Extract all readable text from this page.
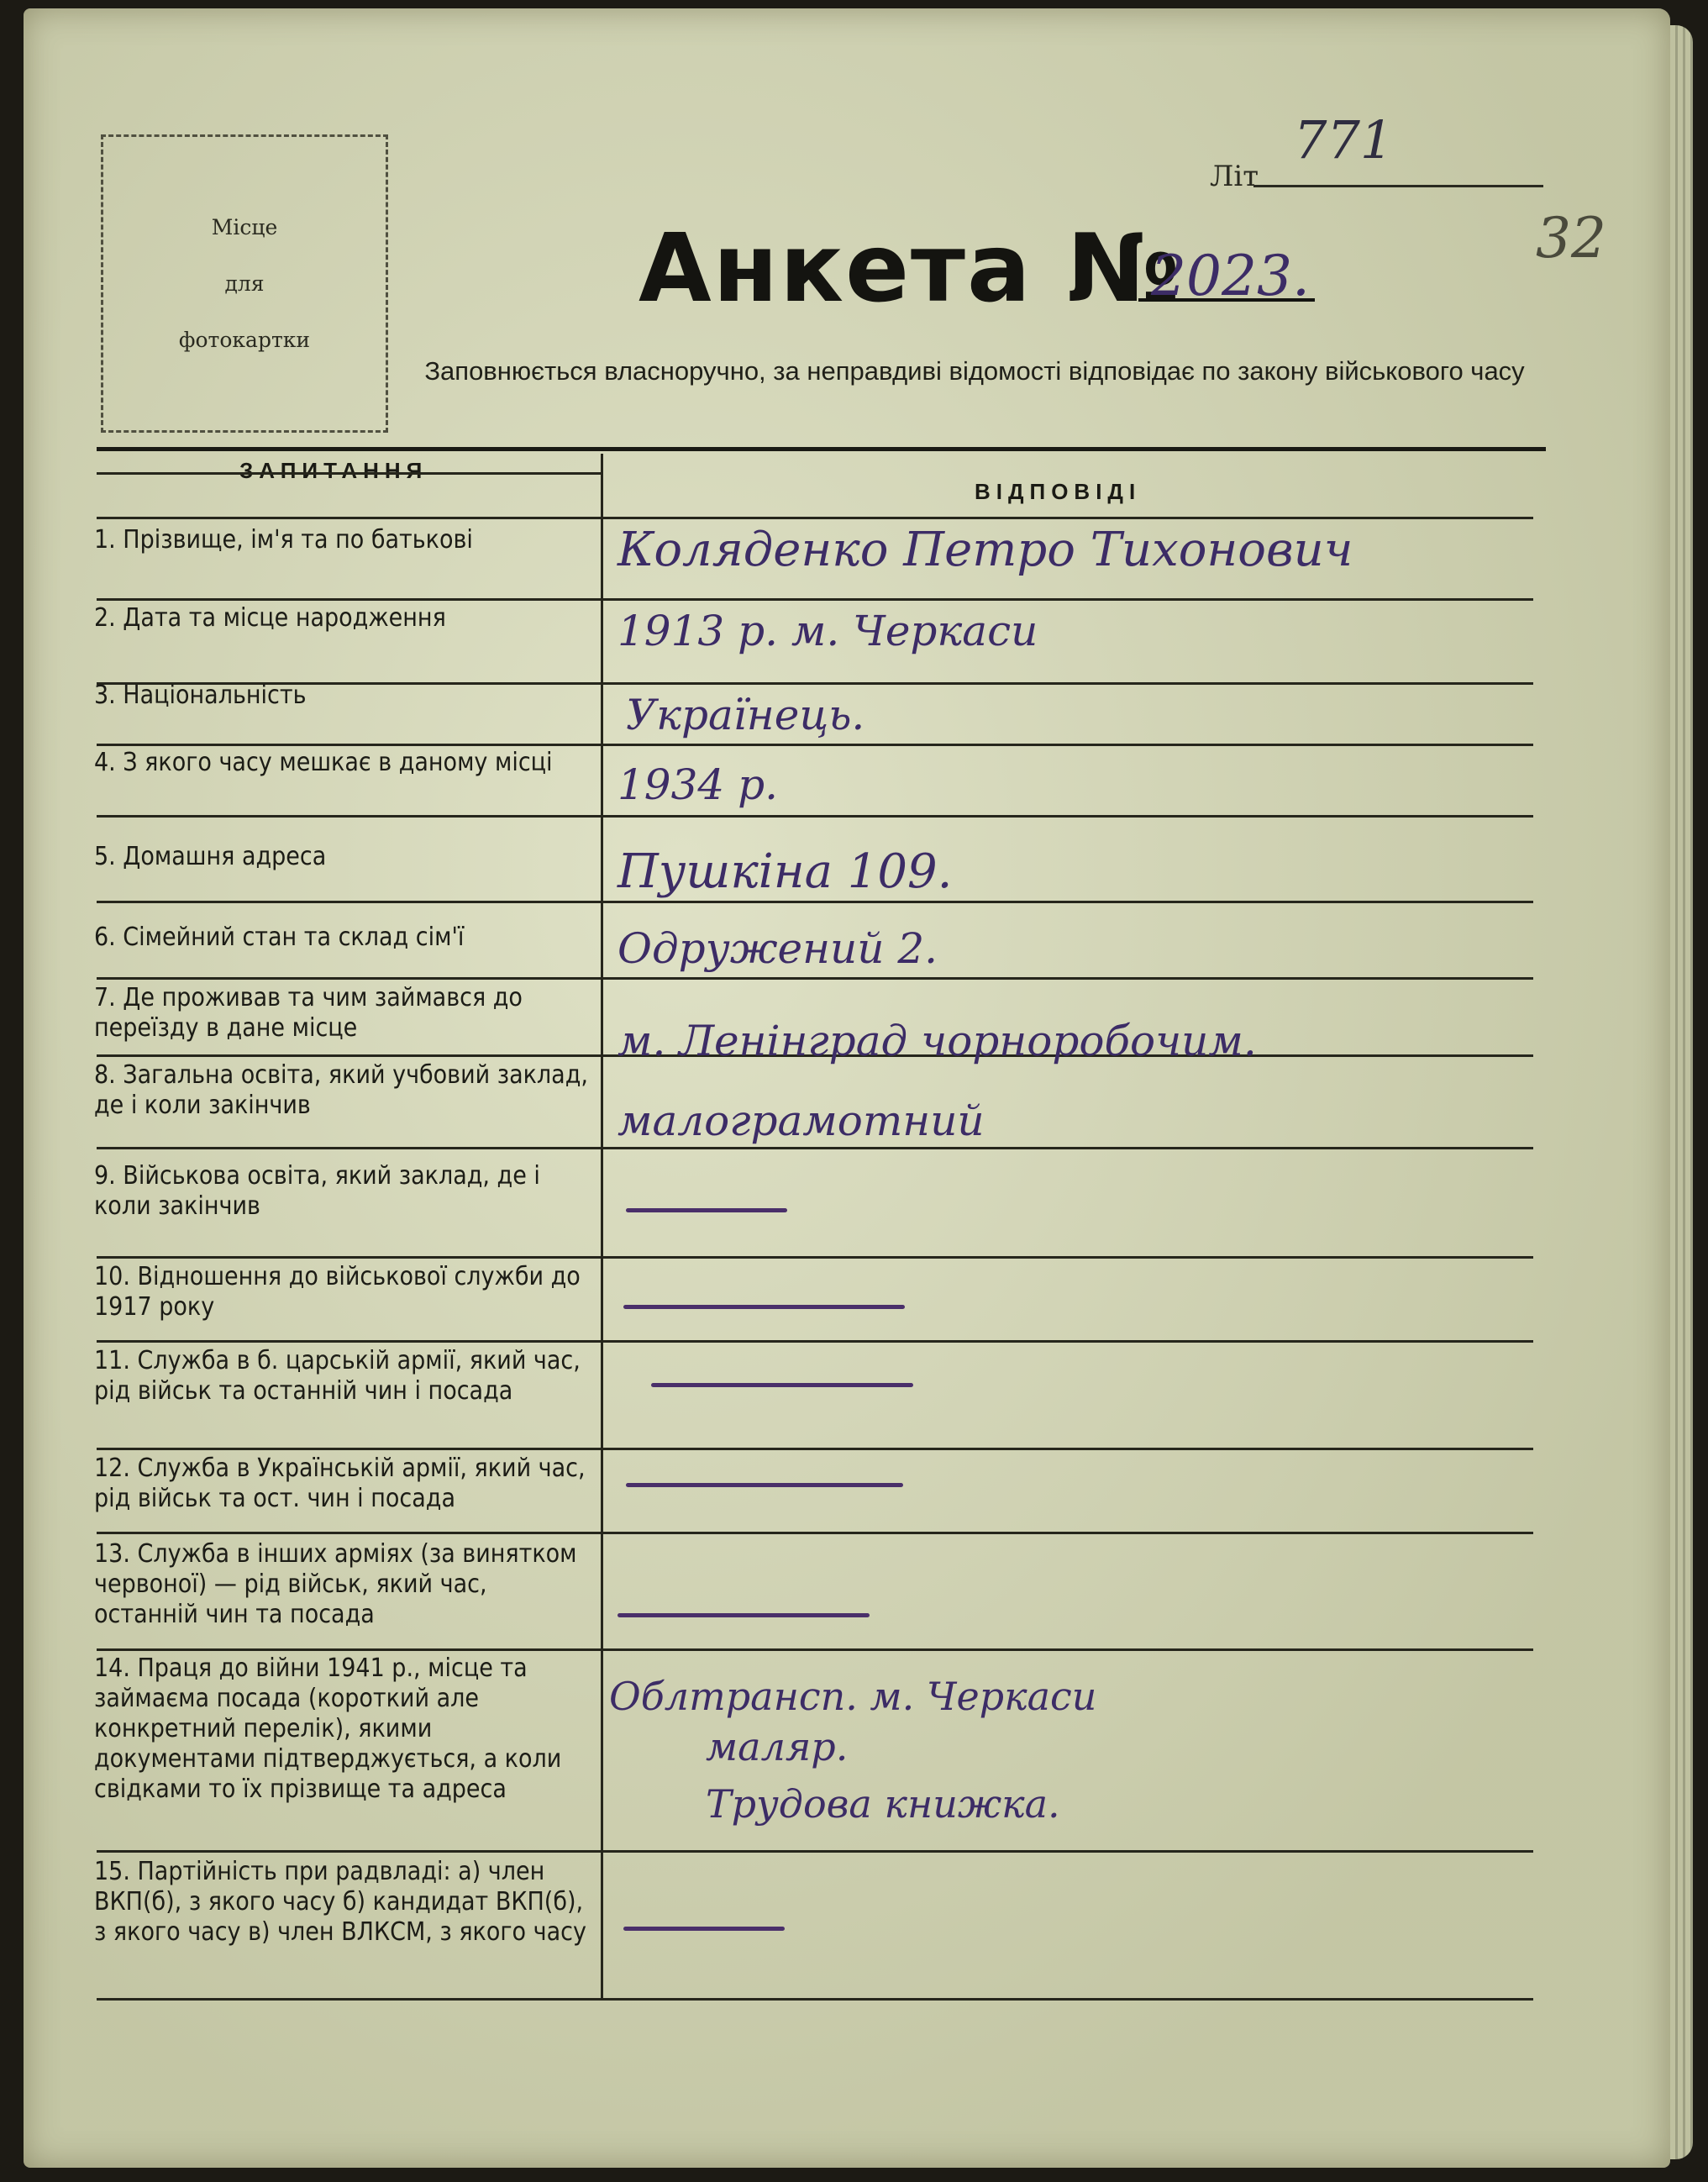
Місце
для
фотокартки
Літ
771
32
Анкета №
2023.
Заповнюється власноручно, за неправдиві відомості відповідає по закону військового часу
ЗАПИТАННЯ
ВІДПОВІДІ
1. Прізвище, ім'я та по батькові
2. Дата та місце народження
3. Національність
4. З якого часу мешкає в даному місці
5. Домашня адреса
6. Сімейний стан та склад сім'ї
7. Де проживав та чим займався до переїзду в дане місце
8. Загальна освіта, який учбовий заклад, де і коли закінчив
9. Військова освіта, який заклад, де і коли закінчив
10. Відношення до військової служби до 1917 року
11. Служба в б. царській армії, який час, рід військ та останній чин і посада
12. Служба в Українській армії, який час, рід військ та ост. чин і посада
13. Служба в інших арміях (за винятком червоної) — рід військ, який час, останній чин та посада
14. Праця до війни 1941 р., місце та займаєма посада (короткий але конкретний перелік), якими документами підтверджується, а коли свідками то їх прізвище та адреса
15. Партійність при радвладі: а) член ВКП(б), з якого часу б) кандидат ВКП(б), з якого часу в) член ВЛКСМ, з якого часу
Коляденко Петро Тихонович
1913 р. м. Черкаси
Українець.
1934 р.
Пушкіна 109.
Одружений 2.
м. Ленінград чорноробочим.
малограмотний
Облтрансп. м. Черкаси
маляр.
Трудова книжка.
